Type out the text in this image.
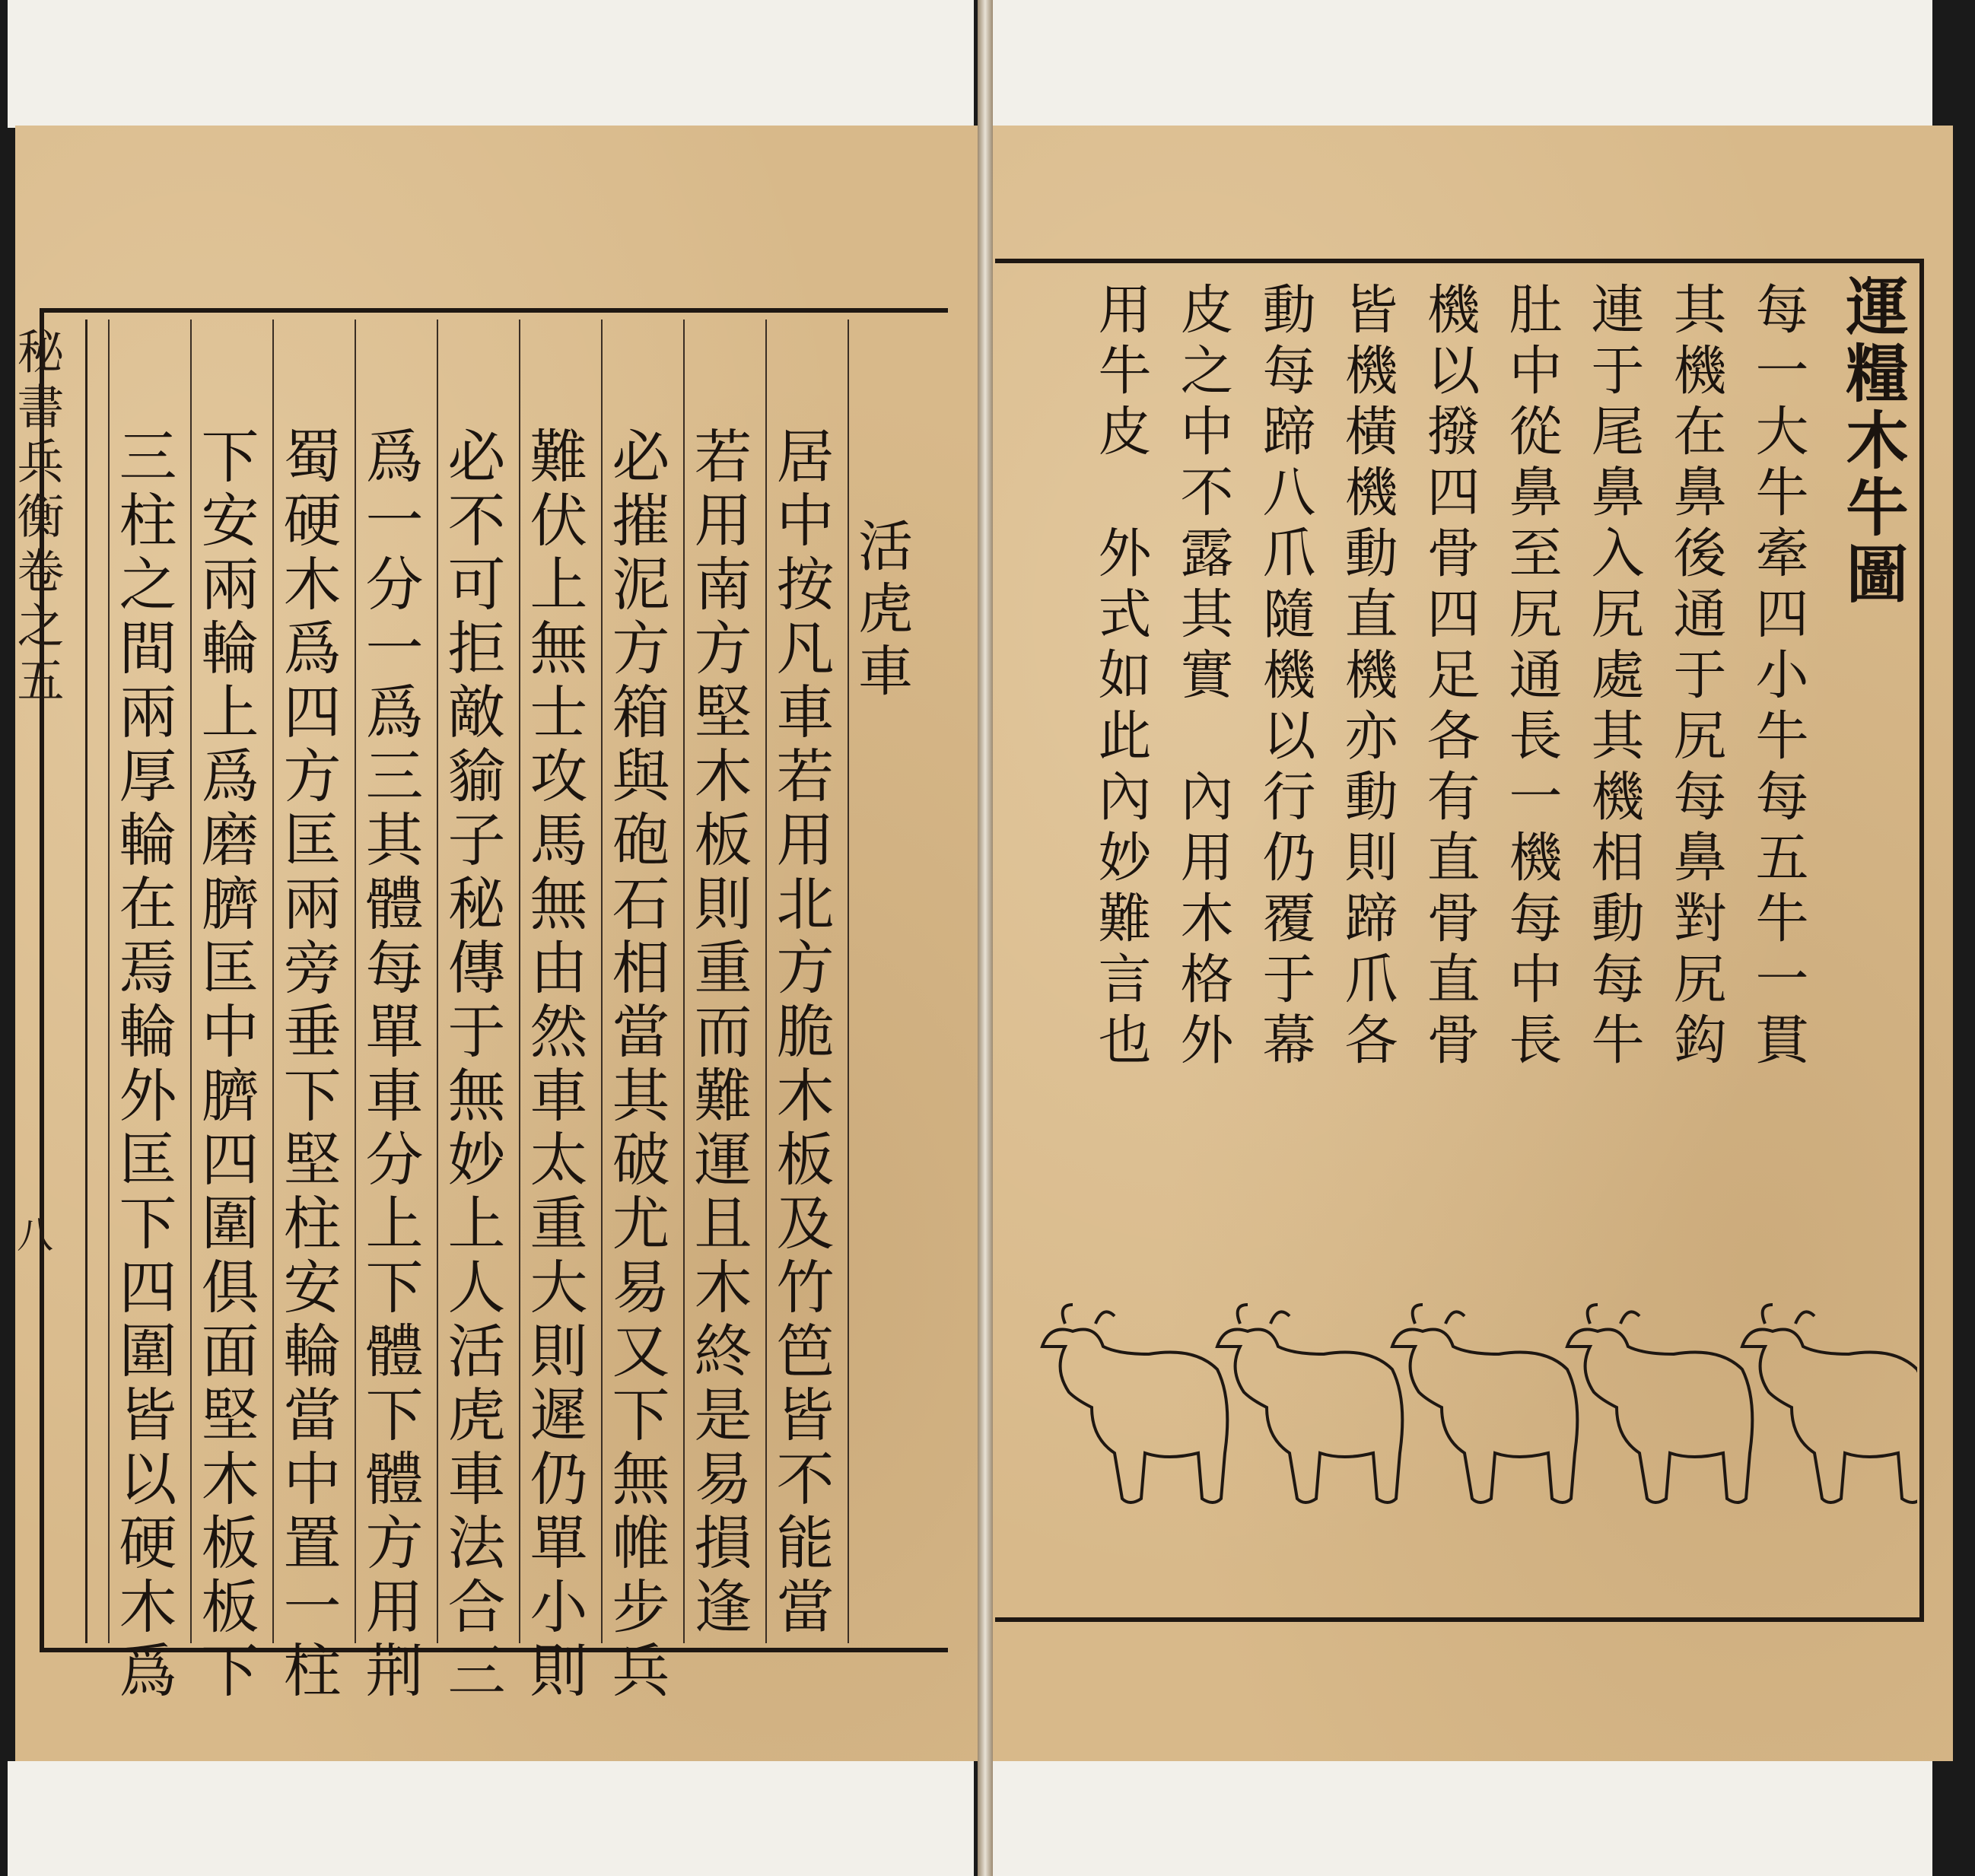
秘書兵衡卷之五
八
活虎車
居中按凡車若用北方脆木板及竹笆皆不能當
若用南方堅木板則重而難運且木終是易損逢
必摧泥方箱與砲石相當其破尤易又下無帷步兵
難伏上無士攻馬無由然車太重大則遲仍單小則
必不可拒敵貐子秘傳于無妙上人活虎車法合三
爲一分一爲三其體每單車分上下體下體方用荆
蜀硬木爲四方匡兩旁垂下堅柱安輪當中置一柱
下安兩輪上爲磨臍匡中臍四圍俱面堅木板板下
三柱之間兩厚輪在焉輪外匡下四圍皆以硬木爲	運糧木牛圖
每一大牛牽四小牛每五牛一貫
其機在鼻後通于尻每鼻對尻鈎
連于尾鼻入尻處其機相動每牛
肚中從鼻至尻通長一機每中長
機以撥四骨四足各有直骨直骨
皆機橫機動直機亦動則蹄爪各
動每蹄八爪隨機以行仍覆于幕
皮之中不露其實　內用木格外
用牛皮　外式如此內妙難言也
